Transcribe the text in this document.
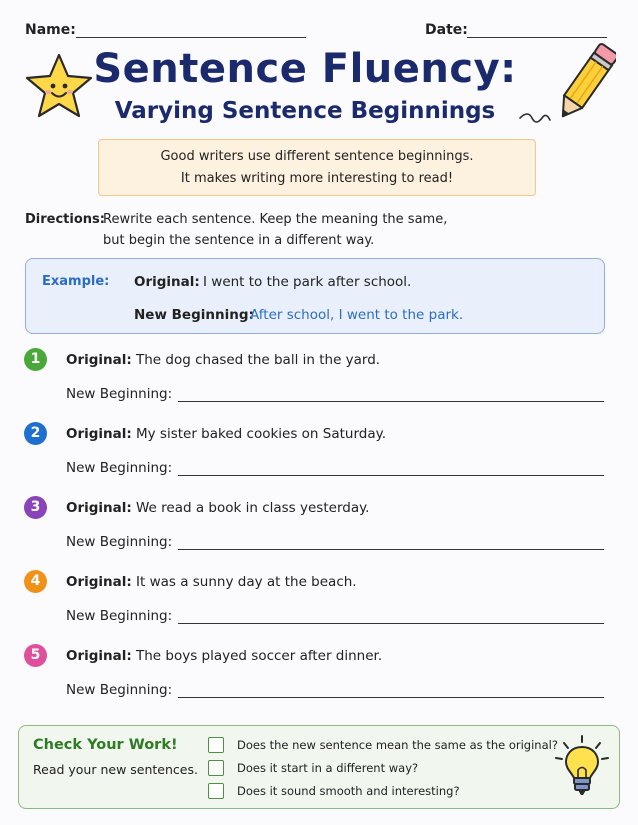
Name:	Date:
Sentence Fluency:
Varying Sentence Beginnings
Good writers use different sentence beginnings.
It makes writing more interesting to read!
Directions:
Rewrite each sentence. Keep the meaning the same,
but begin the sentence in a different way.
Example: Original: I went to the park after school.
New Beginning:
After school, I went to the park.
1	Original: The dog chased the ball in the yard.
New Beginning:
2	Original: My sister baked cookies on Saturday.
New Beginning:
3	Original: We read a book in class yesterday.
New Beginning:
4	Original: It was a sunny day at the beach.
New Beginning:
5	Original: The boys played soccer after dinner.
New Beginning:
Check Your Work!
Read your new sentences.
Does the new sentence mean the same as the original?
Does it start in a different way?
Does it sound smooth and interesting?
